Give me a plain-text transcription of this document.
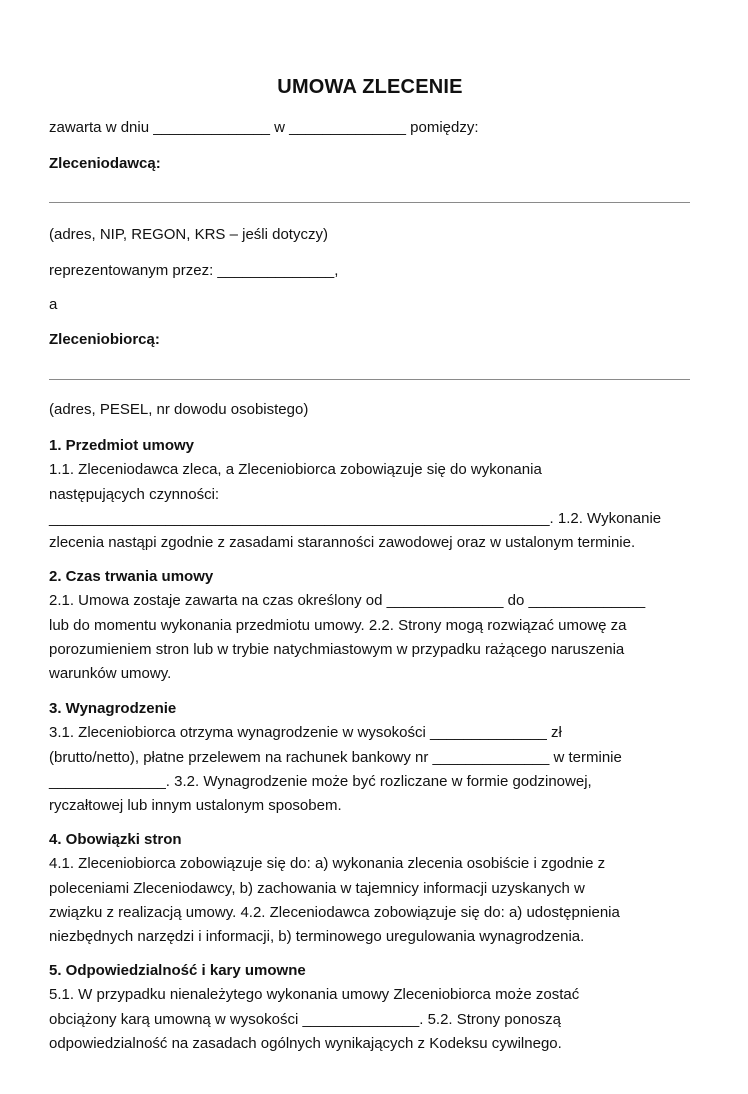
UMOWA ZLECENIE
zawarta w dniu ______________ w ______________ pomiędzy:
Zleceniodawcą:
(adres, NIP, REGON, KRS – jeśli dotyczy)
reprezentowanym przez: ______________,
a
Zleceniobiorcą:
(adres, PESEL, nr dowodu osobistego)
1. Przedmiot umowy
1.1. Zleceniodawca zleca, a Zleceniobiorca zobowiązuje się do wykonania
następujących czynności:
____________________________________________________________. 1.2. Wykonanie
zlecenia nastąpi zgodnie z zasadami staranności zawodowej oraz w ustalonym terminie.
2. Czas trwania umowy
2.1. Umowa zostaje zawarta na czas określony od ______________ do ______________
lub do momentu wykonania przedmiotu umowy. 2.2. Strony mogą rozwiązać umowę za
porozumieniem stron lub w trybie natychmiastowym w przypadku rażącego naruszenia
warunków umowy.
3. Wynagrodzenie
3.1. Zleceniobiorca otrzyma wynagrodzenie w wysokości ______________ zł
(brutto/netto), płatne przelewem na rachunek bankowy nr ______________ w terminie
______________. 3.2. Wynagrodzenie może być rozliczane w formie godzinowej,
ryczałtowej lub innym ustalonym sposobem.
4. Obowiązki stron
4.1. Zleceniobiorca zobowiązuje się do: a) wykonania zlecenia osobiście i zgodnie z
poleceniami Zleceniodawcy, b) zachowania w tajemnicy informacji uzyskanych w
związku z realizacją umowy. 4.2. Zleceniodawca zobowiązuje się do: a) udostępnienia
niezbędnych narzędzi i informacji, b) terminowego uregulowania wynagrodzenia.
5. Odpowiedzialność i kary umowne
5.1. W przypadku nienależytego wykonania umowy Zleceniobiorca może zostać
obciążony karą umowną w wysokości ______________. 5.2. Strony ponoszą
odpowiedzialność na zasadach ogólnych wynikających z Kodeksu cywilnego.
